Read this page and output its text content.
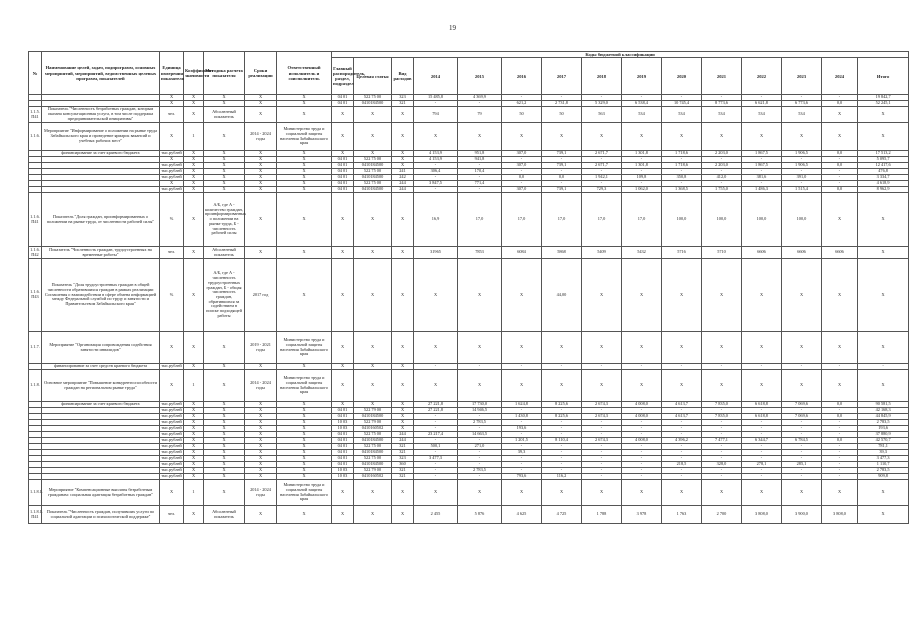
19
№	Наименование целей, задач, подпрограмм, основных мероприятий, мероприятий, ведомственных целевых программ, показателей	Единица измерения показателя	Коэффициент значимости	Методика расчета показателя	Сроки реализации	Ответственный исполнитель и соисполнитель	Коды бюджетной классификации														
							Главный распорядитель, раздел, подраздел	Целевая статья	Вид расходов	2014	2015	2016	2017	2018	2019	2020	2021	2022	2023	2024	Итого
		X	X	X	X	X	04 01	522 75 00	323	15 485,8	4 369,9	-	-	-	-	-	-	-	-	-	19 842,7
		X	X	X	X	X	04 01	0410184500	321	-	-	621,2	2 731,8	5 329,0	6 538,4	10 745,4	8 773,6	6 621,8	6 773,6	0,0	52 245,1
1.1.5. П41	Показатель "Численность безработных граждан, которым оказана консультационная услуга, в том числе поддержка предпринимательской инициативы"	чел.	X	Абсолютный показатель	X	X	X	X	X	794	79	50	50	563	534	534	534	534	534	X	X
1.1.6.	Мероприятие "Информирование о положении на рынке труда Забайкальского края и проведение ярмарок вакансий и учебных рабочих мест"	X	1	X	2014 - 2024 годы	Министерство труда и социальной защиты населения Забайкальского края	X	X	X	X	X	X	X	X	X	X	X	X	X	X	X
	финансирование за счет краевого бюджета	тыс.рублей	X	X	X	X	X	X	X	4 153,9	951,8	307,0	739,1	2 671,7	1 301,8	1 718,6	2 203,0	1 867,5	1 906,5	0,0	17 513,2
		X	X	X	X	X	04 01	522 75 00	X	4 153,9	941,8	-	-	-	-	-	-	-	-	-	5 095,7
		тыс.рублей	X	X	X	X	04 01	0410184500	X	-	-	307,0	739,1	2 671,7	1 301,8	1 718,6	2 203,0	1 867,5	1 906,5	0,0	12 417,6
		тыс.рублей	X	X	X	X	04 01	522 75 00	241	306,4	170,4	-	-	-	-	-	-	-	-	-	476,8
		тыс.рублей	X	X	X	X	04 01	0410184500	242	-	-	0,0	0,0	1 942,1	109,8	350,8	412,0	381,6	391,0	-	3 334,7
		X	X	X	X	X	04 01	522 75 00	244	3 847,5	771,4	-	-	-	-	-	-	-	-	-	4 618,9
		тыс.рублей	X	X	X	X	04 01	0410184500	244	-	-	307,0	739,1	729,3	1 062,0	1 368,5	1 755,0	1 486,3	1 515,4	0,0	8 962,9
1.1.6. П41	Показатель "Доля граждан, проинформированных о положении на рынке труда, от численности рабочей силы"	%	X	А/Б, где А - количество граждан, проинформированных о положении на рынке труда, Б - численность рабочей силы	X	X	X	X	X	16,9	17,0	17,0	17,0	17,0	17,0	100,0	100,0	100,0	100,0	X	X
1.1.6. П42	Показатель "Численность граждан, трудоустроенных на временные работы"	чел.	X	Абсолютный показатель	X	X	X	X	X	31965	7853	6084	5868	5409	5432	5716	5710	6606	6606	6606	X
1.1.6. П43	Показатель "Доля трудоустроенных граждан в общей численности обратившихся граждан в рамках реализации Соглашения о взаимодействии в сфере обмена информацией между Федеральной службой по труду и занятости и Правительством Забайкальского края"	%	X	А/Б, где А - численность трудоустроенных граждан, Б - общая численность граждан, обратившихся за содействием в поиске подходящей работы	2017 год	X	X	X	X	X	X	X	44,00	X	X	X	X	X	X	X	X
1.1.7.	Мероприятие "Организация сопровождения содействия занятости инвалидов"	X	X	X	2019 - 2021 годы	Министерство труда и социальной защиты населения Забайкальского края	X	X	X	X	X	X	X	X	X	X	X	X	X	X	X
	финансирование за счет средств краевого бюджета	тыс.рублей	X	X	X	X	X	X	X	-	-	-	-	-	-	-	-	-	-	-	-
1.1.8.	Основное мероприятие "Повышение конкурентоспособности граждан на региональном рынке труда"	X	1	X	2014 - 2024 годы	Министерство труда и социальной защиты населения Забайкальского края	X	X	X	X	X	X	X	X	X	X	X	X	X	X	X
	финансирование за счет краевого бюджета	тыс.рублей	X	X	X	X	X	X	X	27 221,8	17 730,0	1 624,8	8 225,6	2 674,3	4 008,0	4 613,7	7 835,0	6 618,8	7 069,6	0,0	90 581,5
		тыс.рублей	X	X	X	X	04 01	522 79 00	X	27 221,8	14 946,5	-	-	-	-	-	-	-	-	-	42 168,3
		тыс.рублей	X	X	X	X	04 01	0410184500	X	-	-	1 430,8	8 225,6	2 674,3	4 008,0	4 613,7	7 835,0	6 618,8	7 069,6	0,0	44 845,9
		тыс.рублей	X	X	X	X	10 03	522 79 00	X	-	2 783,5	-	-	-	-	-	-	-	-	-	2 783,5
		тыс.рублей	X	X	X	X	10 03	0410160502	X	-	-	193,6	-	-	-	-	-	-	-	-	193,6
		тыс.рублей	X	X	X	X	04 01	522 75 00	244	23 217,4	14 663,5	-	-	-	-	-	-	-	-	-	37 880,9
		тыс.рублей	X	X	X	X	04 01	0410184500	244	-	-	1 201,5	8 110,4	2 674,3	4 008,0	4 396,2	7 477,1	6 344,7	6 784,5	0,0	42 570,7
		тыс.рублей	X	X	X	X	04 01	522 75 00	321	500,1	271,0	-	-	-	-	-	-	-	-	-	781,1
		тыс.рублей	X	X	X	X	04 01	0410184500	321	-	-	39,3	-	-	-	-	-	-	-	-	39,3
		тыс.рублей	X	X	X	X	04 01	522 75 00	323	3 477,3	-	-	-	-	-	-	-	-	-	-	3 477,3
		тыс.рублей	X	X	X	X	04 01	0410184500	360	-	-	-	-	-	-	218,5	328,0	278,1	285,1	-	1 110,7
		тыс.рублей	X	X	X	X	10 03	522 79 00	321	-	2 783,5	-	-	-	-	-	-	-	-	-	2 783,5
		тыс.рублей	X	X	X	X	10 03	0410160502	321	-	-	793,6	116,2	-	-	-	-	-	-	-	909,8
1.1.8.1.	Мероприятие "Компенсационные выплаты безработным гражданам: социальная адаптация безработных граждан"	X	1	X	2014 - 2024 годы	Министерство труда и социальной защиты населения Забайкальского края	X	X	X	X	X	X	X	X	X	X	X	X	X	X	X
1.1.8.1. П41	Показатель "Численность граждан, получивших услуги по социальной адаптации и психологической поддержке"	чел.	X	Абсолютный показатель	X	X	X	X	X	2 455	5 876	4 625	4 725	1 788	3 978	1 763	2 700	3 808,0	3 900,0	3 808,0	X
